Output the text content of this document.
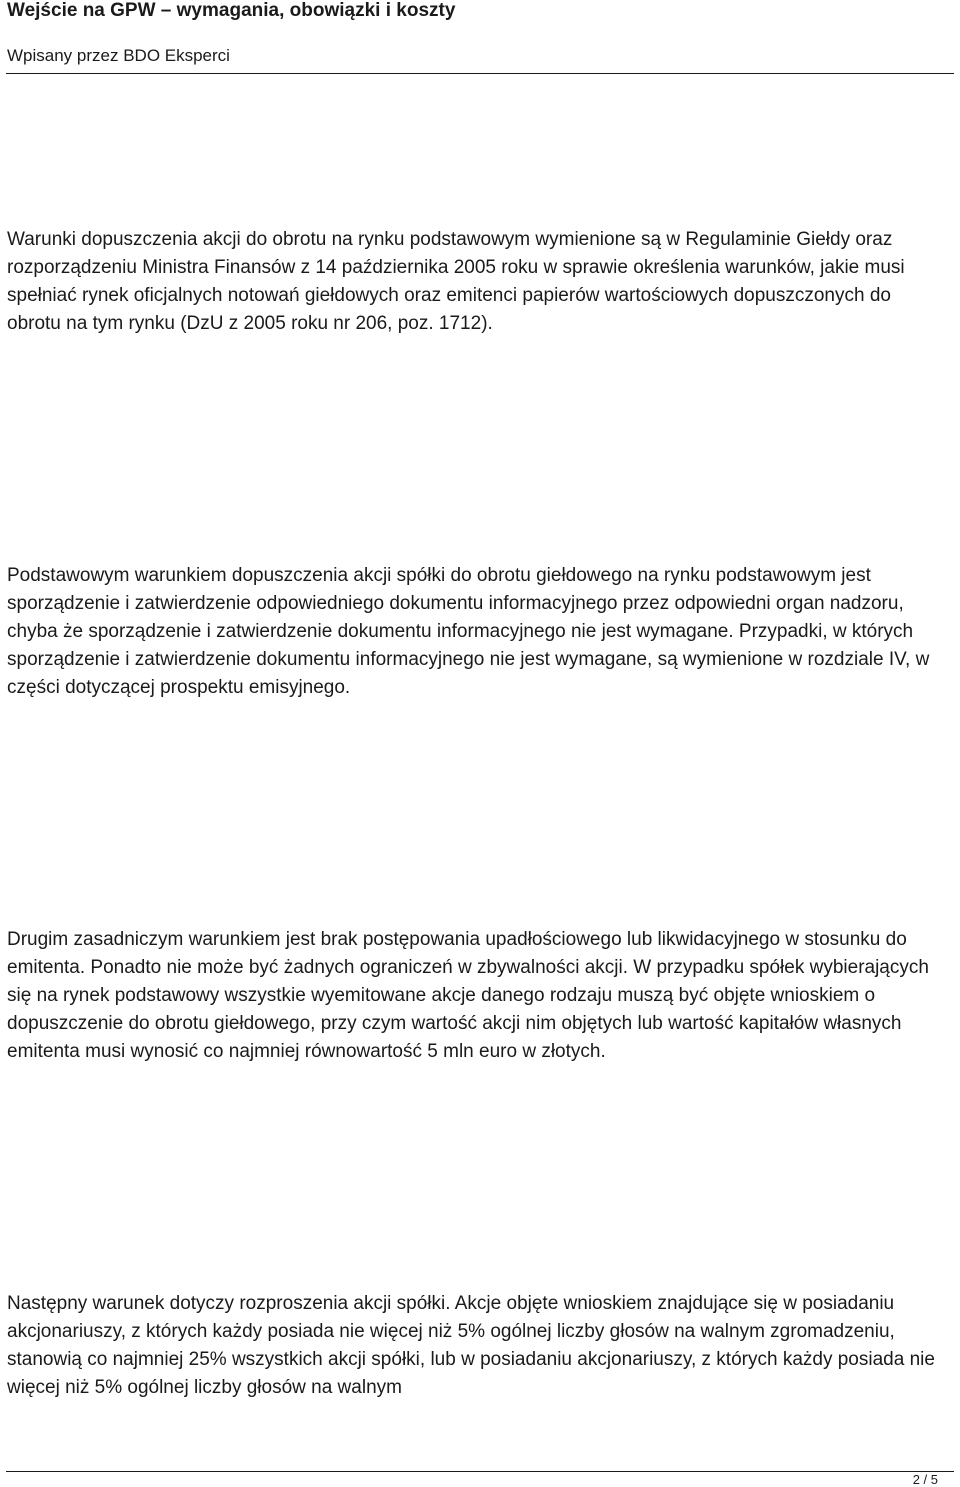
Wejście na GPW – wymagania, obowiązki i koszty
Wpisany przez BDO Eksperci

Warunki dopuszczenia akcji do obrotu na rynku podstawowym wymienione są w Regulaminie Giełdy oraz rozporządzeniu Ministra Finansów z 14 października 2005 roku w sprawie określenia warunków, jakie musi spełniać rynek oficjalnych notowań giełdowych oraz emitenci papierów wartościowych dopuszczonych do obrotu na tym rynku (DzU z 2005 roku nr 206, poz. 1712).

Podstawowym warunkiem dopuszczenia akcji spółki do obrotu giełdowego na rynku podstawowym jest sporządzenie i zatwierdzenie odpowiedniego dokumentu informacyjnego przez odpowiedni organ nadzoru, chyba że sporządzenie i zatwierdzenie dokumentu informacyjnego nie jest wymagane. Przypadki, w których sporządzenie i zatwierdzenie dokumentu informacyjnego nie jest wymagane, są wymienione w rozdziale IV, w części dotyczącej prospektu emisyjnego.

Drugim zasadniczym warunkiem jest brak postępowania upadłościowego lub likwidacyjnego w stosunku do emitenta. Ponadto nie może być żadnych ograniczeń w zbywalności akcji. W przypadku spółek wybierających się na rynek podstawowy wszystkie wyemitowane akcje danego rodzaju muszą być objęte wnioskiem o dopuszczenie do obrotu giełdowego, przy czym wartość akcji nim objętych lub wartość kapitałów własnych emitenta musi wynosić co najmniej równowartość 5 mln euro w złotych.

Następny warunek dotyczy rozproszenia akcji spółki. Akcje objęte wnioskiem znajdujące się w posiadaniu akcjonariuszy, z których każdy posiada nie więcej niż 5% ogólnej liczby głosów na walnym zgromadzeniu, stanowią co najmniej 25% wszystkich akcji spółki, lub w posiadaniu akcjonariuszy, z których każdy posiada nie więcej niż 5% ogólnej liczby głosów na walnym

2 / 5
